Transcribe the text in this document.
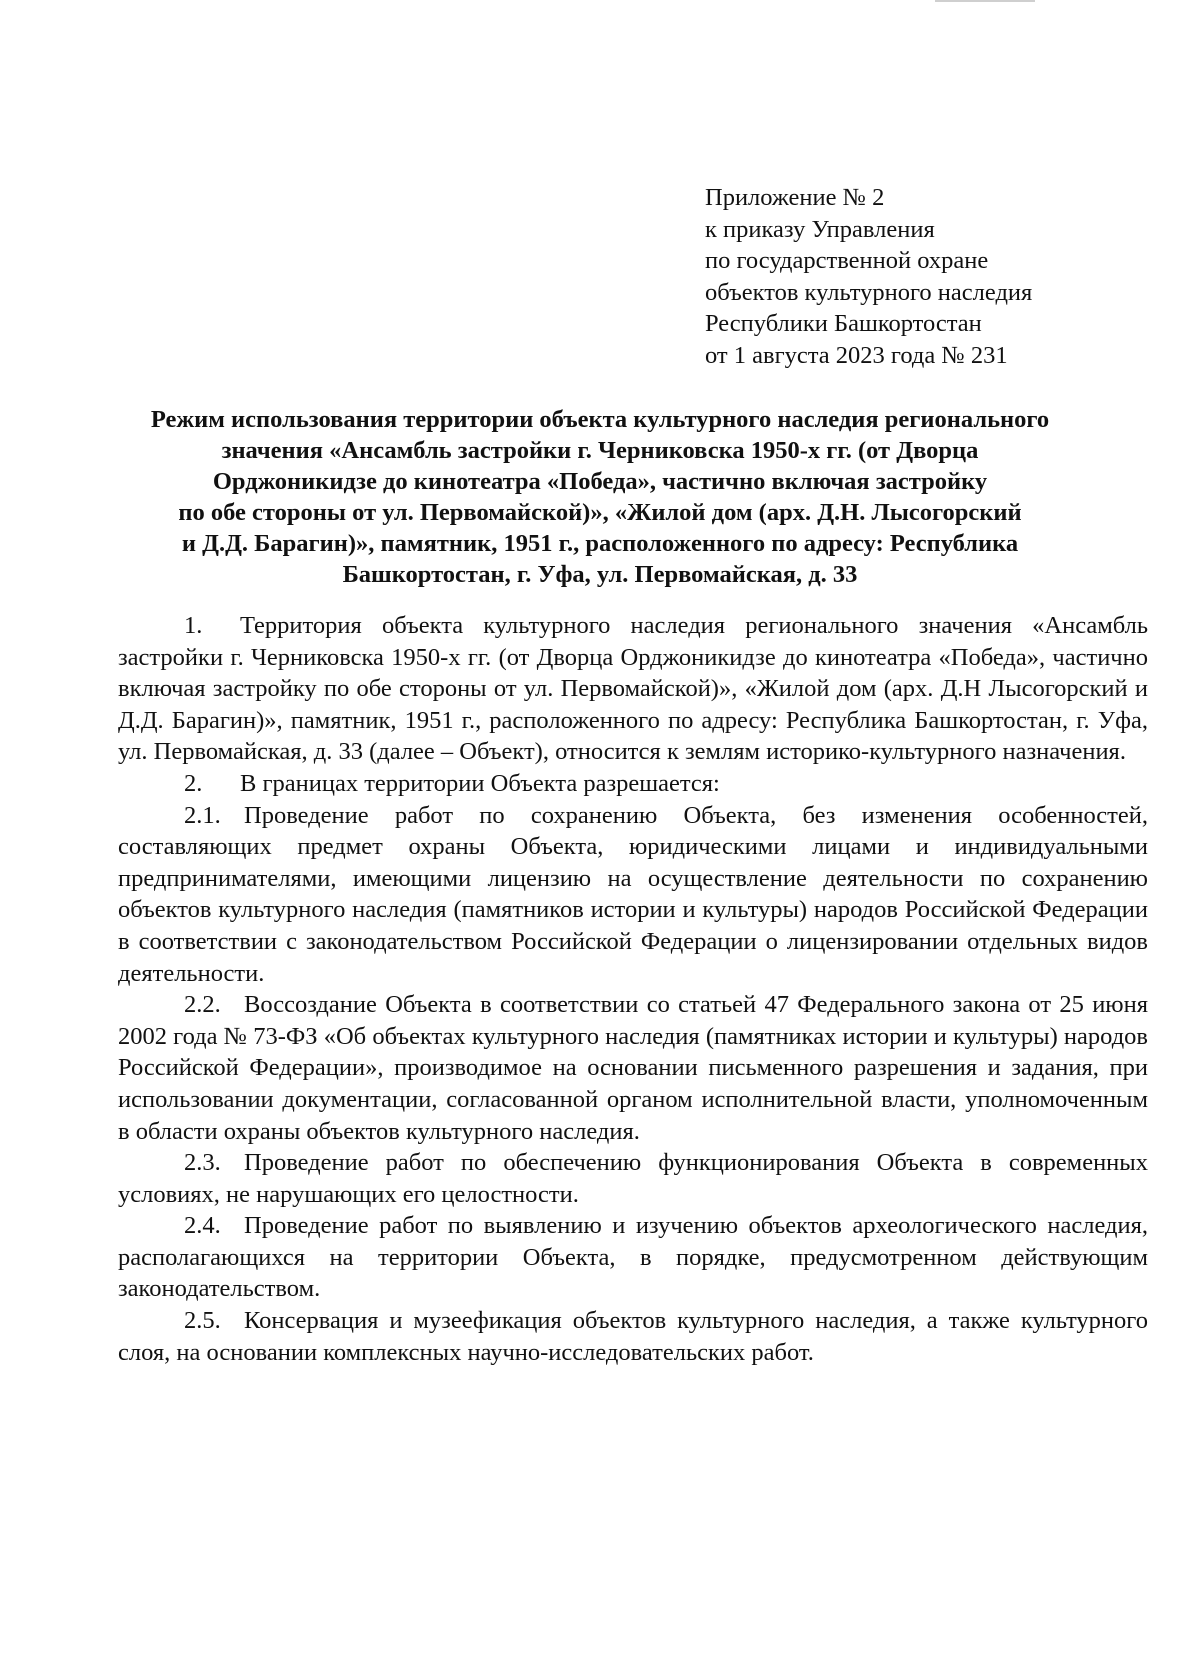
Приложение № 2
к приказу Управления
по государственной охране
объектов культурного наследия
Республики Башкортостан
от 1 августа 2023 года № 231
Режим использования территории объекта культурного наследия регионального
значения «Ансамбль застройки г. Черниковска 1950-х гг. (от Дворца
Орджоникидзе до кинотеатра «Победа», частично включая застройку
по обе стороны от ул. Первомайской)», «Жилой дом (арх. Д.Н. Лысогорский
и Д.Д. Барагин)», памятник, 1951 г., расположенного по адресу: Республика
Башкортостан, г. Уфа, ул. Первомайская, д. 33

1. Территория объекта культурного наследия регионального значения «Ансамбль застройки г. Черниковска 1950-х гг. (от Дворца Орджоникидзе до кинотеатра «Победа», частично включая застройку по обе стороны от ул. Первомайской)», «Жилой дом (арх. Д.Н Лысогорский и Д.Д. Барагин)», памятник, 1951 г., расположенного по адресу: Республика Башкортостан, г. Уфа, ул. Первомайская, д. 33 (далее – Объект), относится к землям историко-культурного назначения.

2. В границах территории Объекта разрешается:

2.1. Проведение работ по сохранению Объекта, без изменения особенностей, составляющих предмет охраны Объекта, юридическими лицами и индивидуальными предпринимателями, имеющими лицензию на осуществление деятельности по сохранению объектов культурного наследия (памятников истории и культуры) народов Российской Федерации в соответствии с законодательством Российской Федерации о лицензировании отдельных видов деятельности.

2.2. Воссоздание Объекта в соответствии со статьей 47 Федерального закона от 25 июня 2002 года № 73-ФЗ «Об объектах культурного наследия (памятниках истории и культуры) народов Российской Федерации», производимое на основании письменного разрешения и задания, при использовании документации, согласованной органом исполнительной власти, уполномоченным в области охраны объектов культурного наследия.

2.3. Проведение работ по обеспечению функционирования Объекта в современных условиях, не нарушающих его целостности.

2.4. Проведение работ по выявлению и изучению объектов археологического наследия, располагающихся на территории Объекта, в порядке, предусмотренном действующим законодательством.

2.5. Консервация и музеефикация объектов культурного наследия, а также культурного слоя, на основании комплексных научно-исследовательских работ.
